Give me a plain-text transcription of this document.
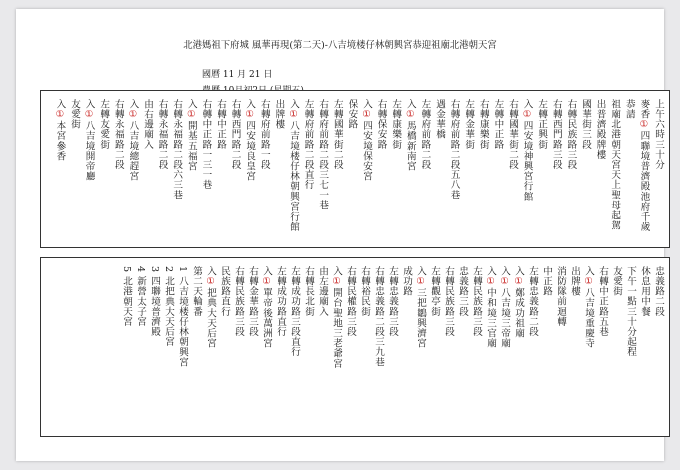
北港媽祖下府城 風華再現(第二天)-八吉境楼仔林朝興宮恭迎祖廟北港朝天宮
國曆 11 月 21 日
上午六時三十分
麥香①四聯境普濟殿池府千歲
恭請
祖廟北港朝天宮天上聖母起駕
出普濟殿牌樓
國華街三段
右轉民族路三段
右轉西門路三段
左轉正興街
入①四安境神興宮行館
右轉國華街二段
左轉中正路
右轉康樂街
左轉金華街
右轉府前路二段五八巷
遇金華橋
左轉府前路二段
入①馬橋新南宮
左轉康樂街
右轉保安路
入①四安境保安宮
保安路
左轉國華街二段
右轉府前路二段三七一巷
左轉府前路二段直行
入①八吉境楼仔林朝興宮行館
出牌樓
右轉府前路一段
入①四安境良皇宮
右轉西門路二段
右轉中正路
右轉中正路一三一巷
入①開基五福宮
右轉永福路二段六三巷
右轉永福路二段
由右邊廟入
入①八吉境總趕宮
右轉永福路二段
左轉友愛街
入①八吉境開帝廳
友愛街
入①本宮參香
忠義路二段
休息用中餐
下午一點三十分起程
友愛街
右轉中正路五巷
入①八吉境重慶寺
出牌樓
消防隊前迴轉
中正路
左轉忠義路二段
入①鄭成功祖廟
入①八吉境三帝廟
入①中和境三官廟
左轉民族路三段
忠義路三段
右轉民族路三段
左轉觀亭街
入①三把鶵興濟宮
成功路
左轉忠義路三段
右轉忠義路二段三九巷
右轉裕民街
右轉民權路三段
入①開台聖地三老爺宮
由左邊廟入
右轉長北街
左轉成功路三段直行
左轉成功路直行
入①單帝後萬洲宮
右轉金華路三段
右轉民族路三段
民族路直行
入①把典大天后宮
第二天輪番
1 八吉境楼仔林朝興宮
2 北把典大天后宮
3 四聯境普濟殿
4 新營太子宮
5 北港朝天宮
